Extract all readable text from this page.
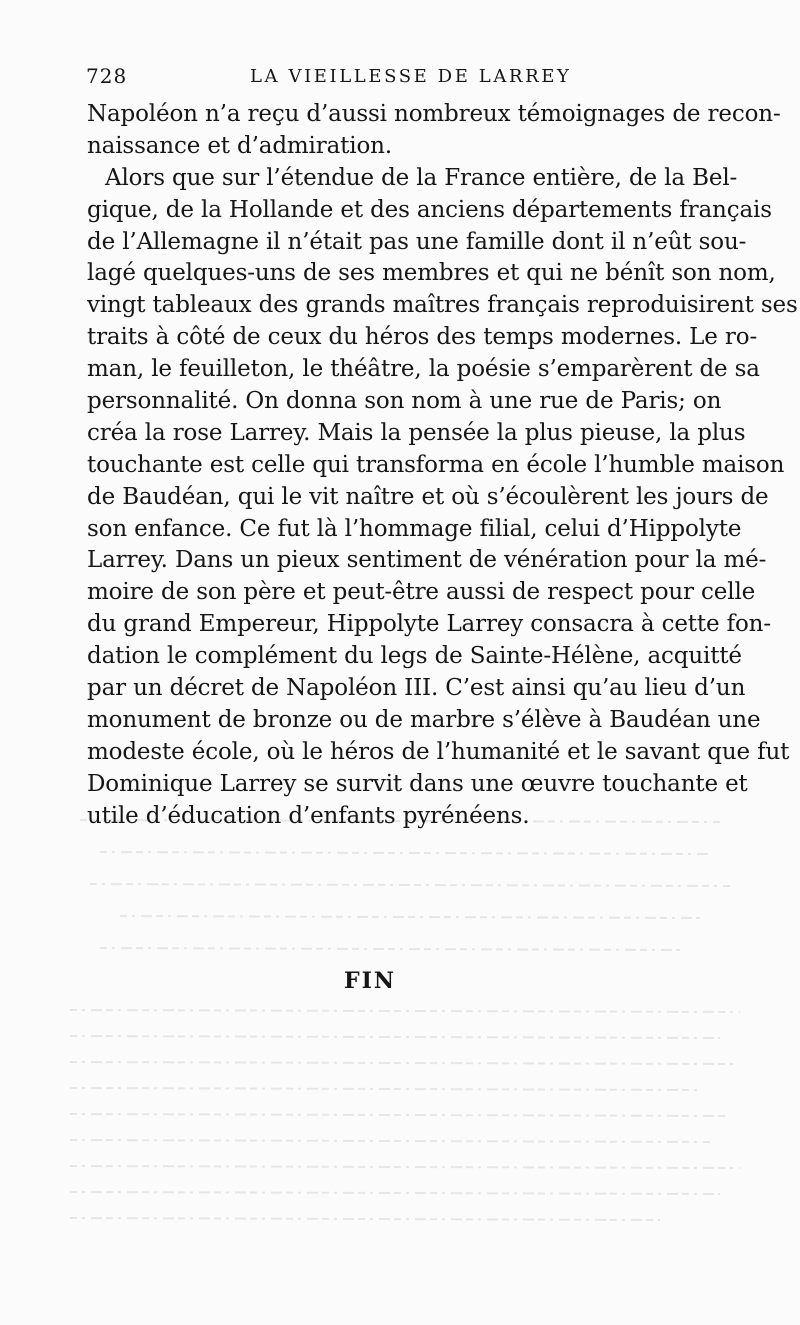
728	LA VIEILLESSE DE LARREY
Napoléon n’a reçu d’aussi nombreux témoignages de recon-
naissance et d’admiration.
Alors que sur l’étendue de la France entière, de la Bel-
gique, de la Hollande et des anciens départements français
de l’Allemagne il n’était pas une famille dont il n’eût sou-
lagé quelques-uns de ses membres et qui ne bénît son nom,
vingt tableaux des grands maîtres français reproduisirent ses
traits à côté de ceux du héros des temps modernes. Le ro-
man, le feuilleton, le théâtre, la poésie s’emparèrent de sa
personnalité. On donna son nom à une rue de Paris; on
créa la rose Larrey. Mais la pensée la plus pieuse, la plus
touchante est celle qui transforma en école l’humble maison
de Baudéan, qui le vit naître et où s’écoulèrent les jours de
son enfance. Ce fut là l’hommage filial, celui d’Hippolyte
Larrey. Dans un pieux sentiment de vénération pour la mé-
moire de son père et peut-être aussi de respect pour celle
du grand Empereur, Hippolyte Larrey consacra à cette fon-
dation le complément du legs de Sainte-Hélène, acquitté
par un décret de Napoléon III. C’est ainsi qu’au lieu d’un
monument de bronze ou de marbre s’élève à Baudéan une
modeste école, où le héros de l’humanité et le savant que fut
Dominique Larrey se survit dans une œuvre touchante et
utile d’éducation d’enfants pyrénéens.
FIN
